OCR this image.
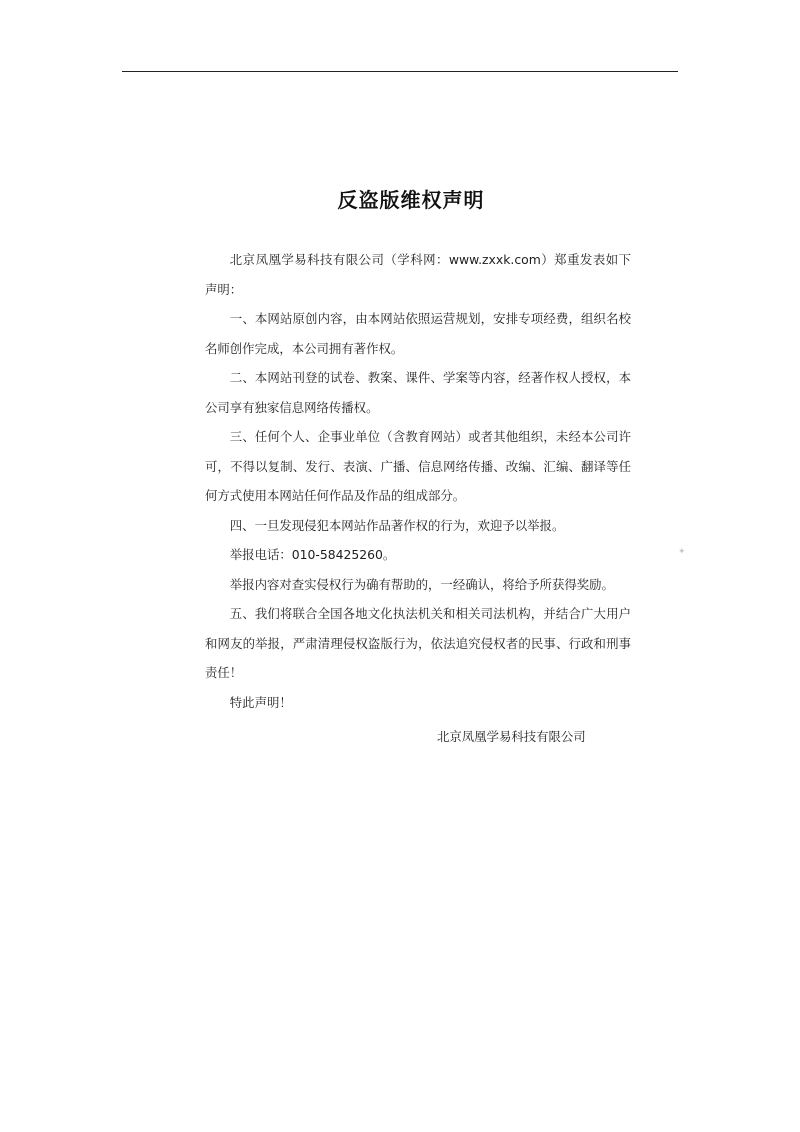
反盗版维权声明

北京凤凰学易科技有限公司（学科网：www.zxxk.com）郑重发表如下声明：

一、本网站原创内容，由本网站依照运营规划，安排专项经费，组织名校名师创作完成，本公司拥有著作权。

二、本网站刊登的试卷、教案、课件、学案等内容，经著作权人授权，本公司享有独家信息网络传播权。

三、任何个人、企事业单位（含教育网站）或者其他组织，未经本公司许可，不得以复制、发行、表演、广播、信息网络传播、改编、汇编、翻译等任何方式使用本网站任何作品及作品的组成部分。

四、一旦发现侵犯本网站作品著作权的行为，欢迎予以举报。

举报电话：010-58425260。

举报内容对查实侵权行为确有帮助的，一经确认，将给予所获得奖励。

五、我们将联合全国各地文化执法机关和相关司法机构，并结合广大用户和网友的举报，严肃清理侵权盗版行为，依法追究侵权者的民事、行政和刑事责任！

特此声明！

北京凤凰学易科技有限公司

✦
